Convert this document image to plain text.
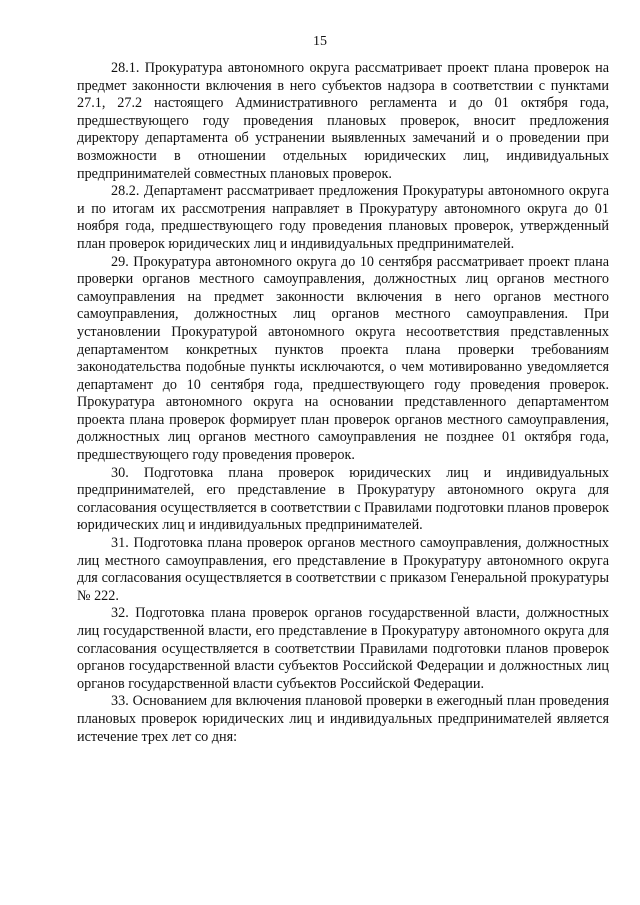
15

28.1. Прокуратура автономного округа рассматривает проект плана проверок на предмет законности включения в него субъектов надзора в соответствии с пунктами 27.1, 27.2 настоящего Административного регламента и до 01 октября года, предшествующего году проведения плановых проверок, вносит предложения директору департамента об устранении выявленных замечаний и о проведении при возможности в отношении отдельных юридических лиц, индивидуальных предпринимателей совместных плановых проверок.

28.2. Департамент рассматривает предложения Прокуратуры автономного округа и по итогам их рассмотрения направляет в Прокуратуру автономного округа до 01 ноября года, предшествующего году проведения плановых проверок, утвержденный план проверок юридических лиц и индивидуальных предпринимателей.

29. Прокуратура автономного округа до 10 сентября рассматривает проект плана проверки органов местного самоуправления, должностных лиц органов местного самоуправления на предмет законности включения в него органов местного самоуправления, должностных лиц органов местного самоуправления. При установлении Прокуратурой автономного округа несоответствия представленных департаментом конкретных пунктов проекта плана проверки требованиям законодательства подобные пункты исключаются, о чем мотивированно уведомляется департамент до 10 сентября года, предшествующего году проведения проверок. Прокуратура автономного округа на основании представленного департаментом проекта плана проверок формирует план проверок органов местного самоуправления, должностных лиц органов местного самоуправления не позднее 01 октября года, предшествующего году проведения проверок.

30. Подготовка плана проверок юридических лиц и индивидуальных предпринимателей, его представление в Прокуратуру автономного округа для согласования осуществляется в соответствии с Правилами подготовки планов проверок юридических лиц и индивидуальных предпринимателей.

31. Подготовка плана проверок органов местного самоуправления, должностных лиц местного самоуправления, его представление в Прокуратуру автономного округа для согласования осуществляется в соответствии с приказом Генеральной прокуратуры № 222.

32. Подготовка плана проверок органов государственной власти, должностных лиц государственной власти, его представление в Прокуратуру автономного округа для согласования осуществляется в соответствии Правилами подготовки планов проверок органов государственной власти субъектов Российской Федерации и должностных лиц органов государственной власти субъектов Российской Федерации.

33. Основанием для включения плановой проверки в ежегодный план проведения плановых проверок юридических лиц и индивидуальных предпринимателей является истечение трех лет со дня:
